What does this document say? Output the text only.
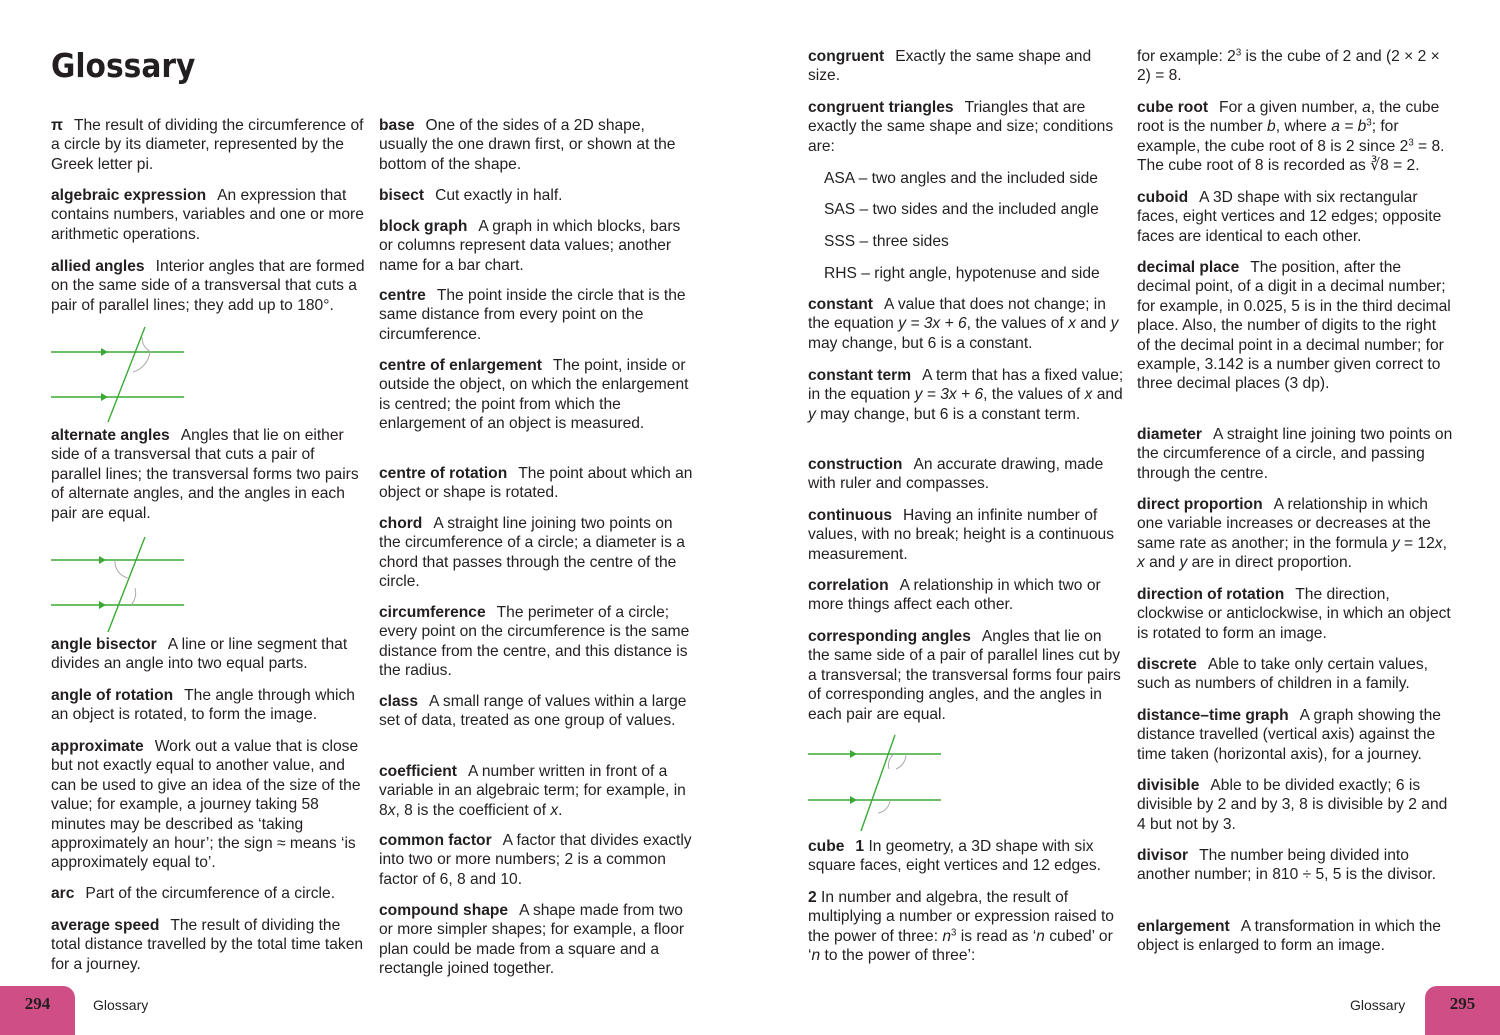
Glossary

π The result of dividing the circumference of a circle by its diameter, represented by the Greek letter pi.

algebraic expression An expression that contains numbers, variables and one or more arithmetic operations.

allied angles Interior angles that are formed on the same side of a transversal that cuts a pair of parallel lines; they add up to 180°.

alternate angles Angles that lie on either side of a transversal that cuts a pair of parallel lines; the transversal forms two pairs of alternate angles, and the angles in each pair are equal.

angle bisector A line or line segment that divides an angle into two equal parts.

angle of rotation The angle through which an object is rotated, to form the image.

approximate Work out a value that is close but not exactly equal to another value, and can be used to give an idea of the size of the value; for example, a journey taking 58 minutes may be described as ‘taking approximately an hour’; the sign ≈ means ‘is approximately equal to’.

arc Part of the circumference of a circle.

average speed The result of dividing the total distance travelled by the total time taken for a journey.

base One of the sides of a 2D shape, usually the one drawn first, or shown at the bottom of the shape.

bisect Cut exactly in half.

block graph A graph in which blocks, bars or columns represent data values; another name for a bar chart.

centre The point inside the circle that is the same distance from every point on the circumference.

centre of enlargement The point, inside or outside the object, on which the enlargement is centred; the point from which the enlargement of an object is measured.

centre of rotation The point about which an object or shape is rotated.

chord A straight line joining two points on the circumference of a circle; a diameter is a chord that passes through the centre of the circle.

circumference The perimeter of a circle; every point on the circumference is the same distance from the centre, and this distance is the radius.

class A small range of values within a large set of data, treated as one group of values.

coefficient A number written in front of a variable in an algebraic term; for example, in 8x, 8 is the coefficient of x.

common factor A factor that divides exactly into two or more numbers; 2 is a common factor of 6, 8 and 10.

compound shape A shape made from two or more simpler shapes; for example, a floor plan could be made from a square and a rectangle joined together.

congruent Exactly the same shape and size.

congruent triangles Triangles that are exactly the same shape and size; conditions are:

ASA – two angles and the included side

SAS – two sides and the included angle

SSS – three sides

RHS – right angle, hypotenuse and side

constant A value that does not change; in the equation y = 3x + 6, the values of x and y may change, but 6 is a constant.

constant term A term that has a fixed value; in the equation y = 3x + 6, the values of x and y may change, but 6 is a constant term.

construction An accurate drawing, made with ruler and compasses.

continuous Having an infinite number of values, with no break; height is a continuous measurement.

correlation A relationship in which two or more things affect each other.

corresponding angles Angles that lie on the same side of a pair of parallel lines cut by a transversal; the transversal forms four pairs of corresponding angles, and the angles in each pair are equal.

cube 1 In geometry, a 3D shape with six square faces, eight vertices and 12 edges.

2 In number and algebra, the result of multiplying a number or expression raised to the power of three: $n^3$ is read as ‘n cubed’ or ‘n to the power of three’:

for example: $2^3$ is the cube of 2 and (2 × 2 × 2) = 8.

cube root For a given number, a, the cube root is the number b, where $a = b^3$; for example, the cube root of 8 is 2 since $2^3 = 8$. The cube root of 8 is recorded as ∛8 = 2.

cuboid A 3D shape with six rectangular faces, eight vertices and 12 edges; opposite faces are identical to each other.

decimal place The position, after the decimal point, of a digit in a decimal number; for example, in 0.025, 5 is in the third decimal place. Also, the number of digits to the right of the decimal point in a decimal number; for example, 3.142 is a number given correct to three decimal places (3 dp).

diameter A straight line joining two points on the circumference of a circle, and passing through the centre.

direct proportion A relationship in which one variable increases or decreases at the same rate as another; in the formula y = 12x, x and y are in direct proportion.

direction of rotation The direction, clockwise or anticlockwise, in which an object is rotated to form an image.

discrete Able to take only certain values, such as numbers of children in a family.

distance–time graph A graph showing the distance travelled (vertical axis) against the time taken (horizontal axis), for a journey.

divisible Able to be divided exactly; 6 is divisible by 2 and by 3, 8 is divisible by 2 and 4 but not by 3.

divisor The number being divided into another number; in 810 ÷ 5, 5 is the divisor.

enlargement A transformation in which the object is enlarged to form an image.

294	Glossary	Glossary	295
